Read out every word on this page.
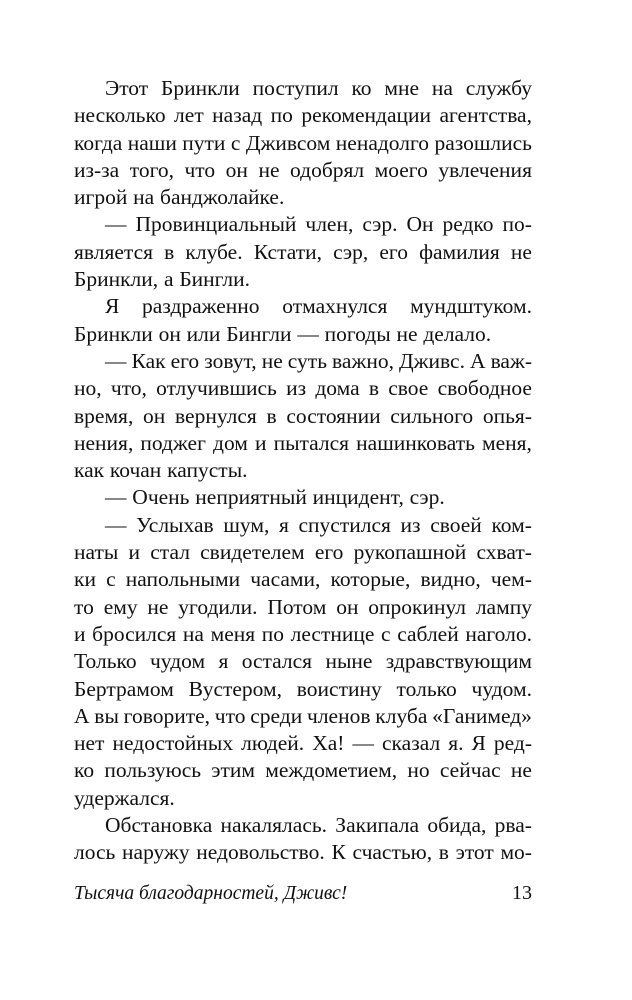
Этот Бринкли поступил ко мне на службу
несколько лет назад по рекомендации агентства,
когда наши пути с Дживсом ненадолго разошлись
из-за того, что он не одобрял моего увлечения
игрой на банджолайке.
— Провинциальный член, сэр. Он редко по-
является в клубе. Кстати, сэр, его фамилия не
Бринкли, а Бингли.
Я раздраженно отмахнулся мундштуком.
Бринкли он или Бингли — погоды не делало.
— Как его зовут, не суть важно, Дживс. А важ-
но, что, отлучившись из дома в свое свободное
время, он вернулся в состоянии сильного опья-
нения, поджег дом и пытался нашинковать меня,
как кочан капусты.
— Очень неприятный инцидент, сэр.
— Услыхав шум, я спустился из своей ком-
наты и стал свидетелем его рукопашной схват-
ки с напольными часами, которые, видно, чем-
то ему не угодили. Потом он опрокинул лампу
и бросился на меня по лестнице с саблей наголо.
Только чудом я остался ныне здравствующим
Бертрамом Вустером, воистину только чудом.
А вы говорите, что среди членов клуба «Ганимед»
нет недостойных людей. Ха! — сказал я. Я ред-
ко пользуюсь этим междометием, но сейчас не
удержался.
Обстановка накалялась. Закипала обида, рва-
лось наружу недовольство. К счастью, в этот мо-
Тысяча благодарностей, Дживс!	13
